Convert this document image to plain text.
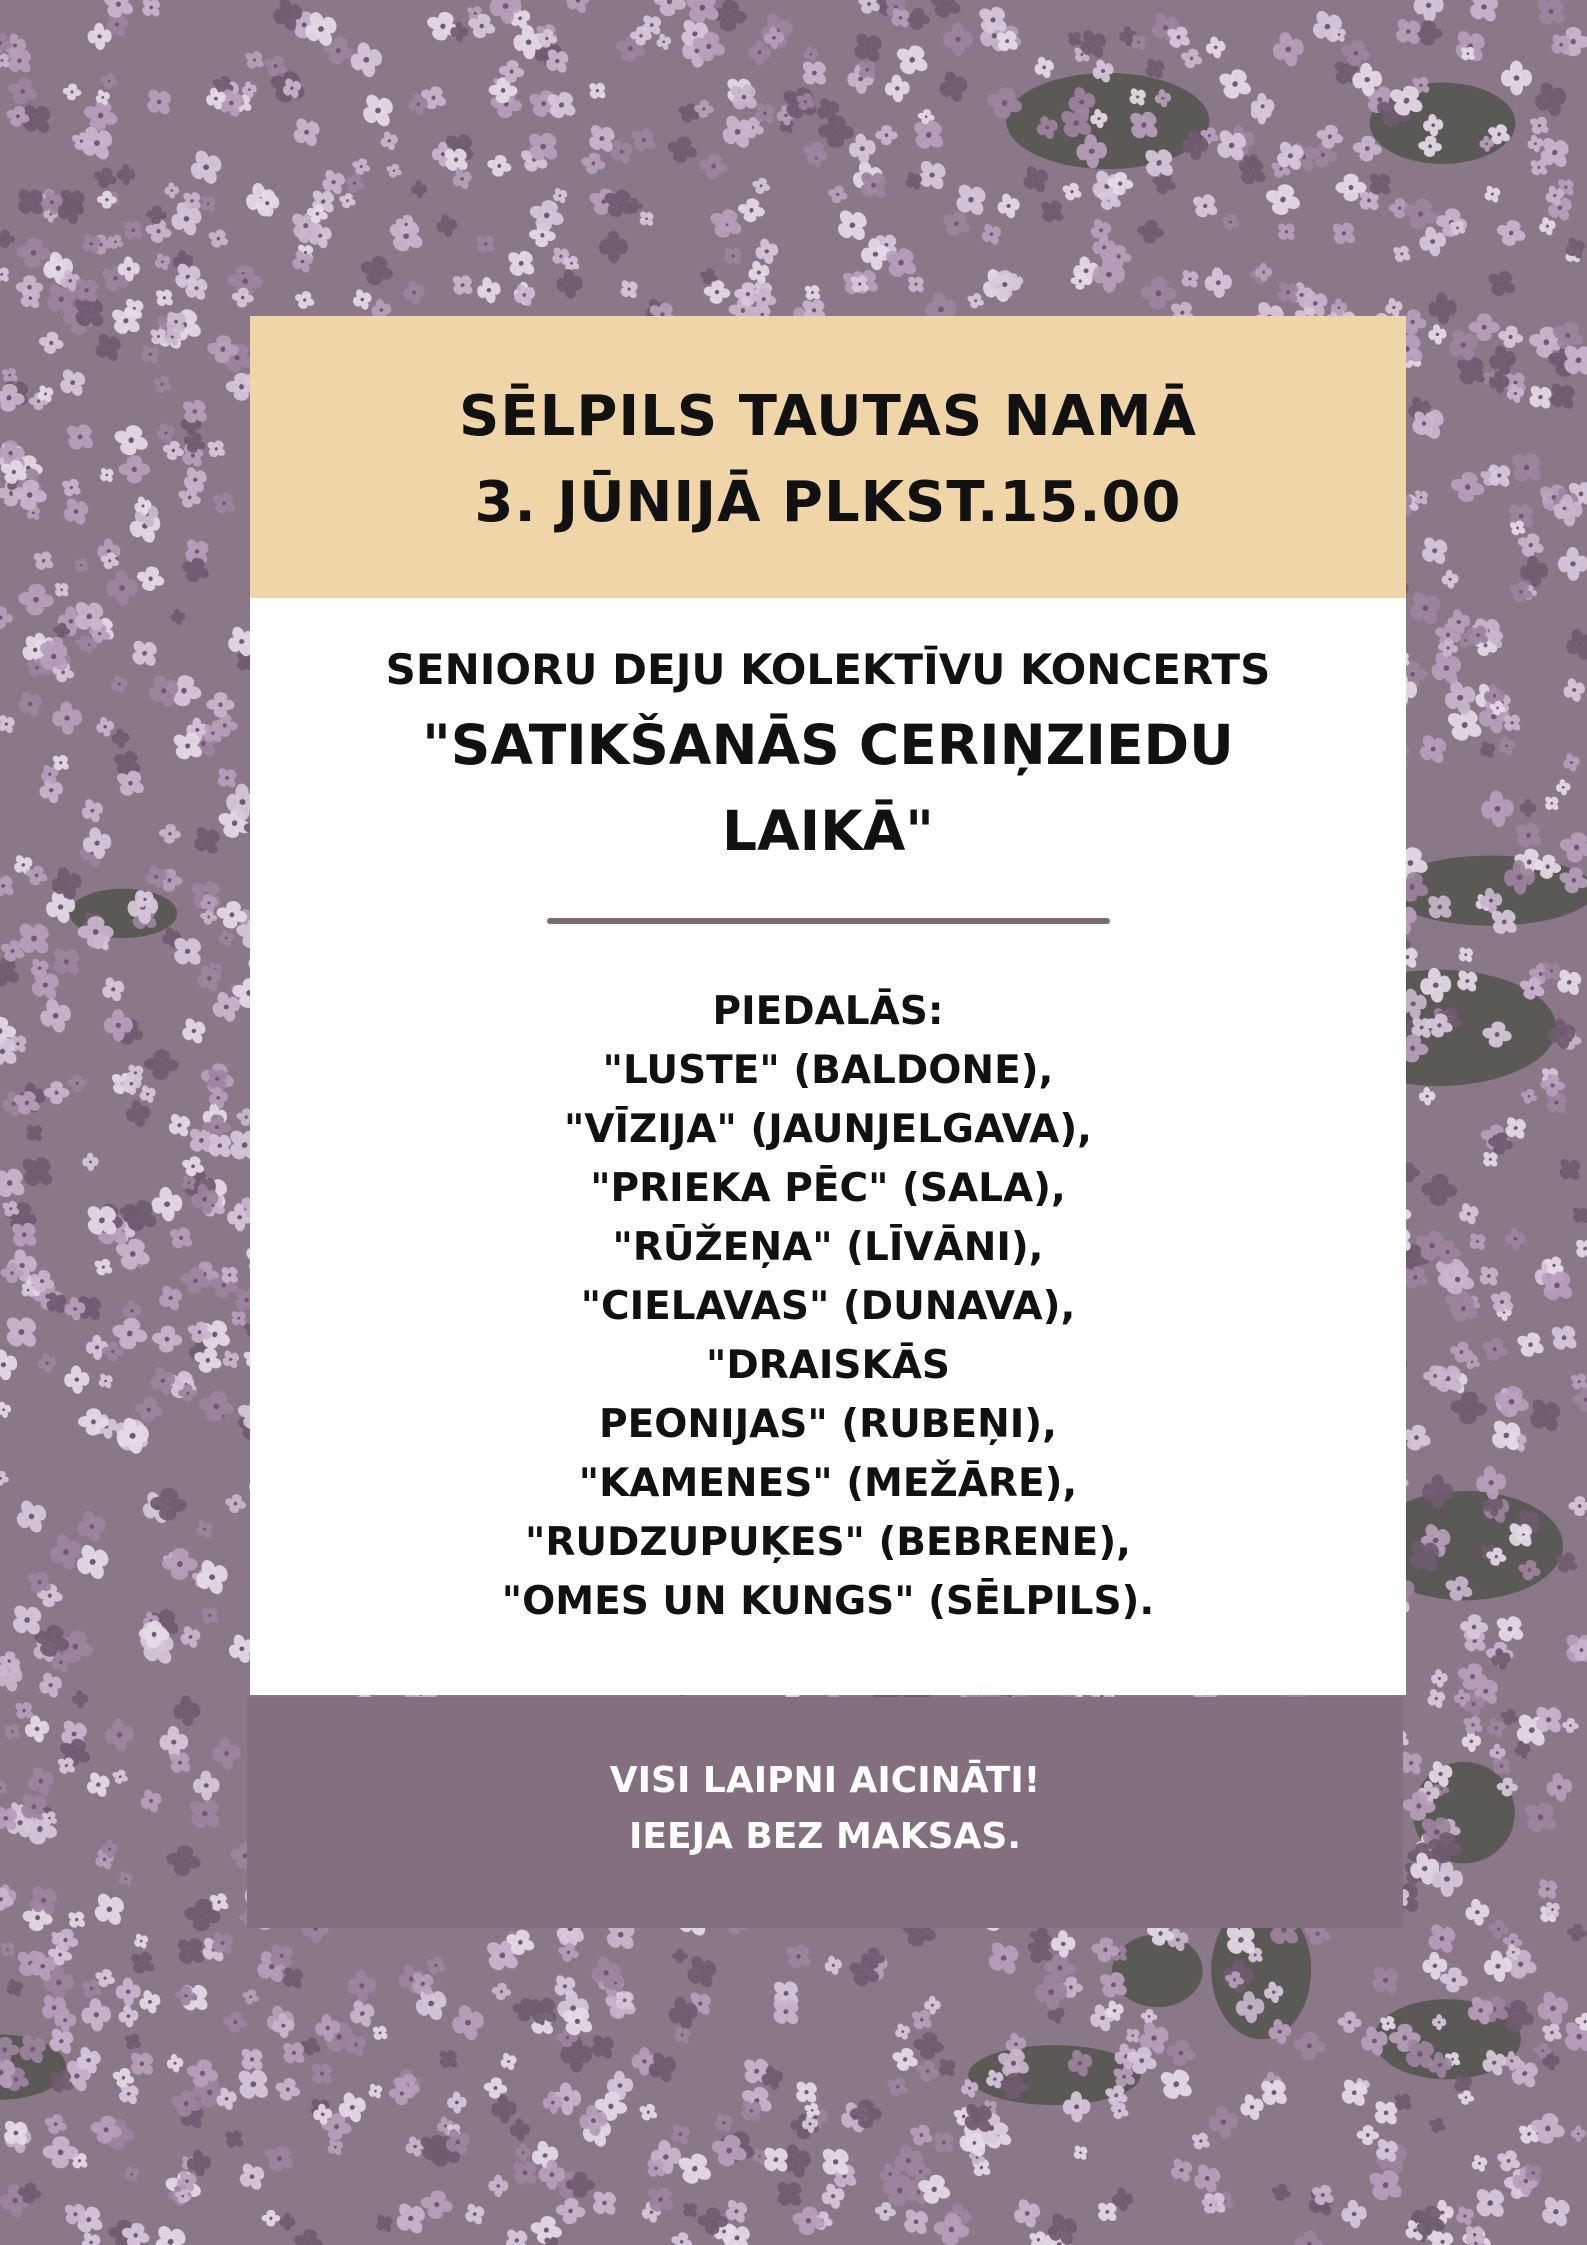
SĒLPILS TAUTAS NAMĀ
3. JŪNIJĀ PLKST.15.00
SENIORU DEJU KOLEKTĪVU KONCERTS
"SATIKŠANĀS CERIŅZIEDU LAIKĀ"
PIEDALĀS:
"LUSTE" (BALDONE),
"VĪZIJA" (JAUNJELGAVA),
"PRIEKA PĒC" (SALA),
"RŪŽEŅA" (LĪVĀNI),
"CIELAVAS" (DUNAVA),
"DRAISKĀS
PEONIJAS" (RUBEŅI),
"KAMENES" (MEŽĀRE),
"RUDZUPUĶES" (BEBRENE),
"OMES UN KUNGS" (SĒLPILS).
VISI LAIPNI AICINĀTI!
IEEJA BEZ MAKSAS.
